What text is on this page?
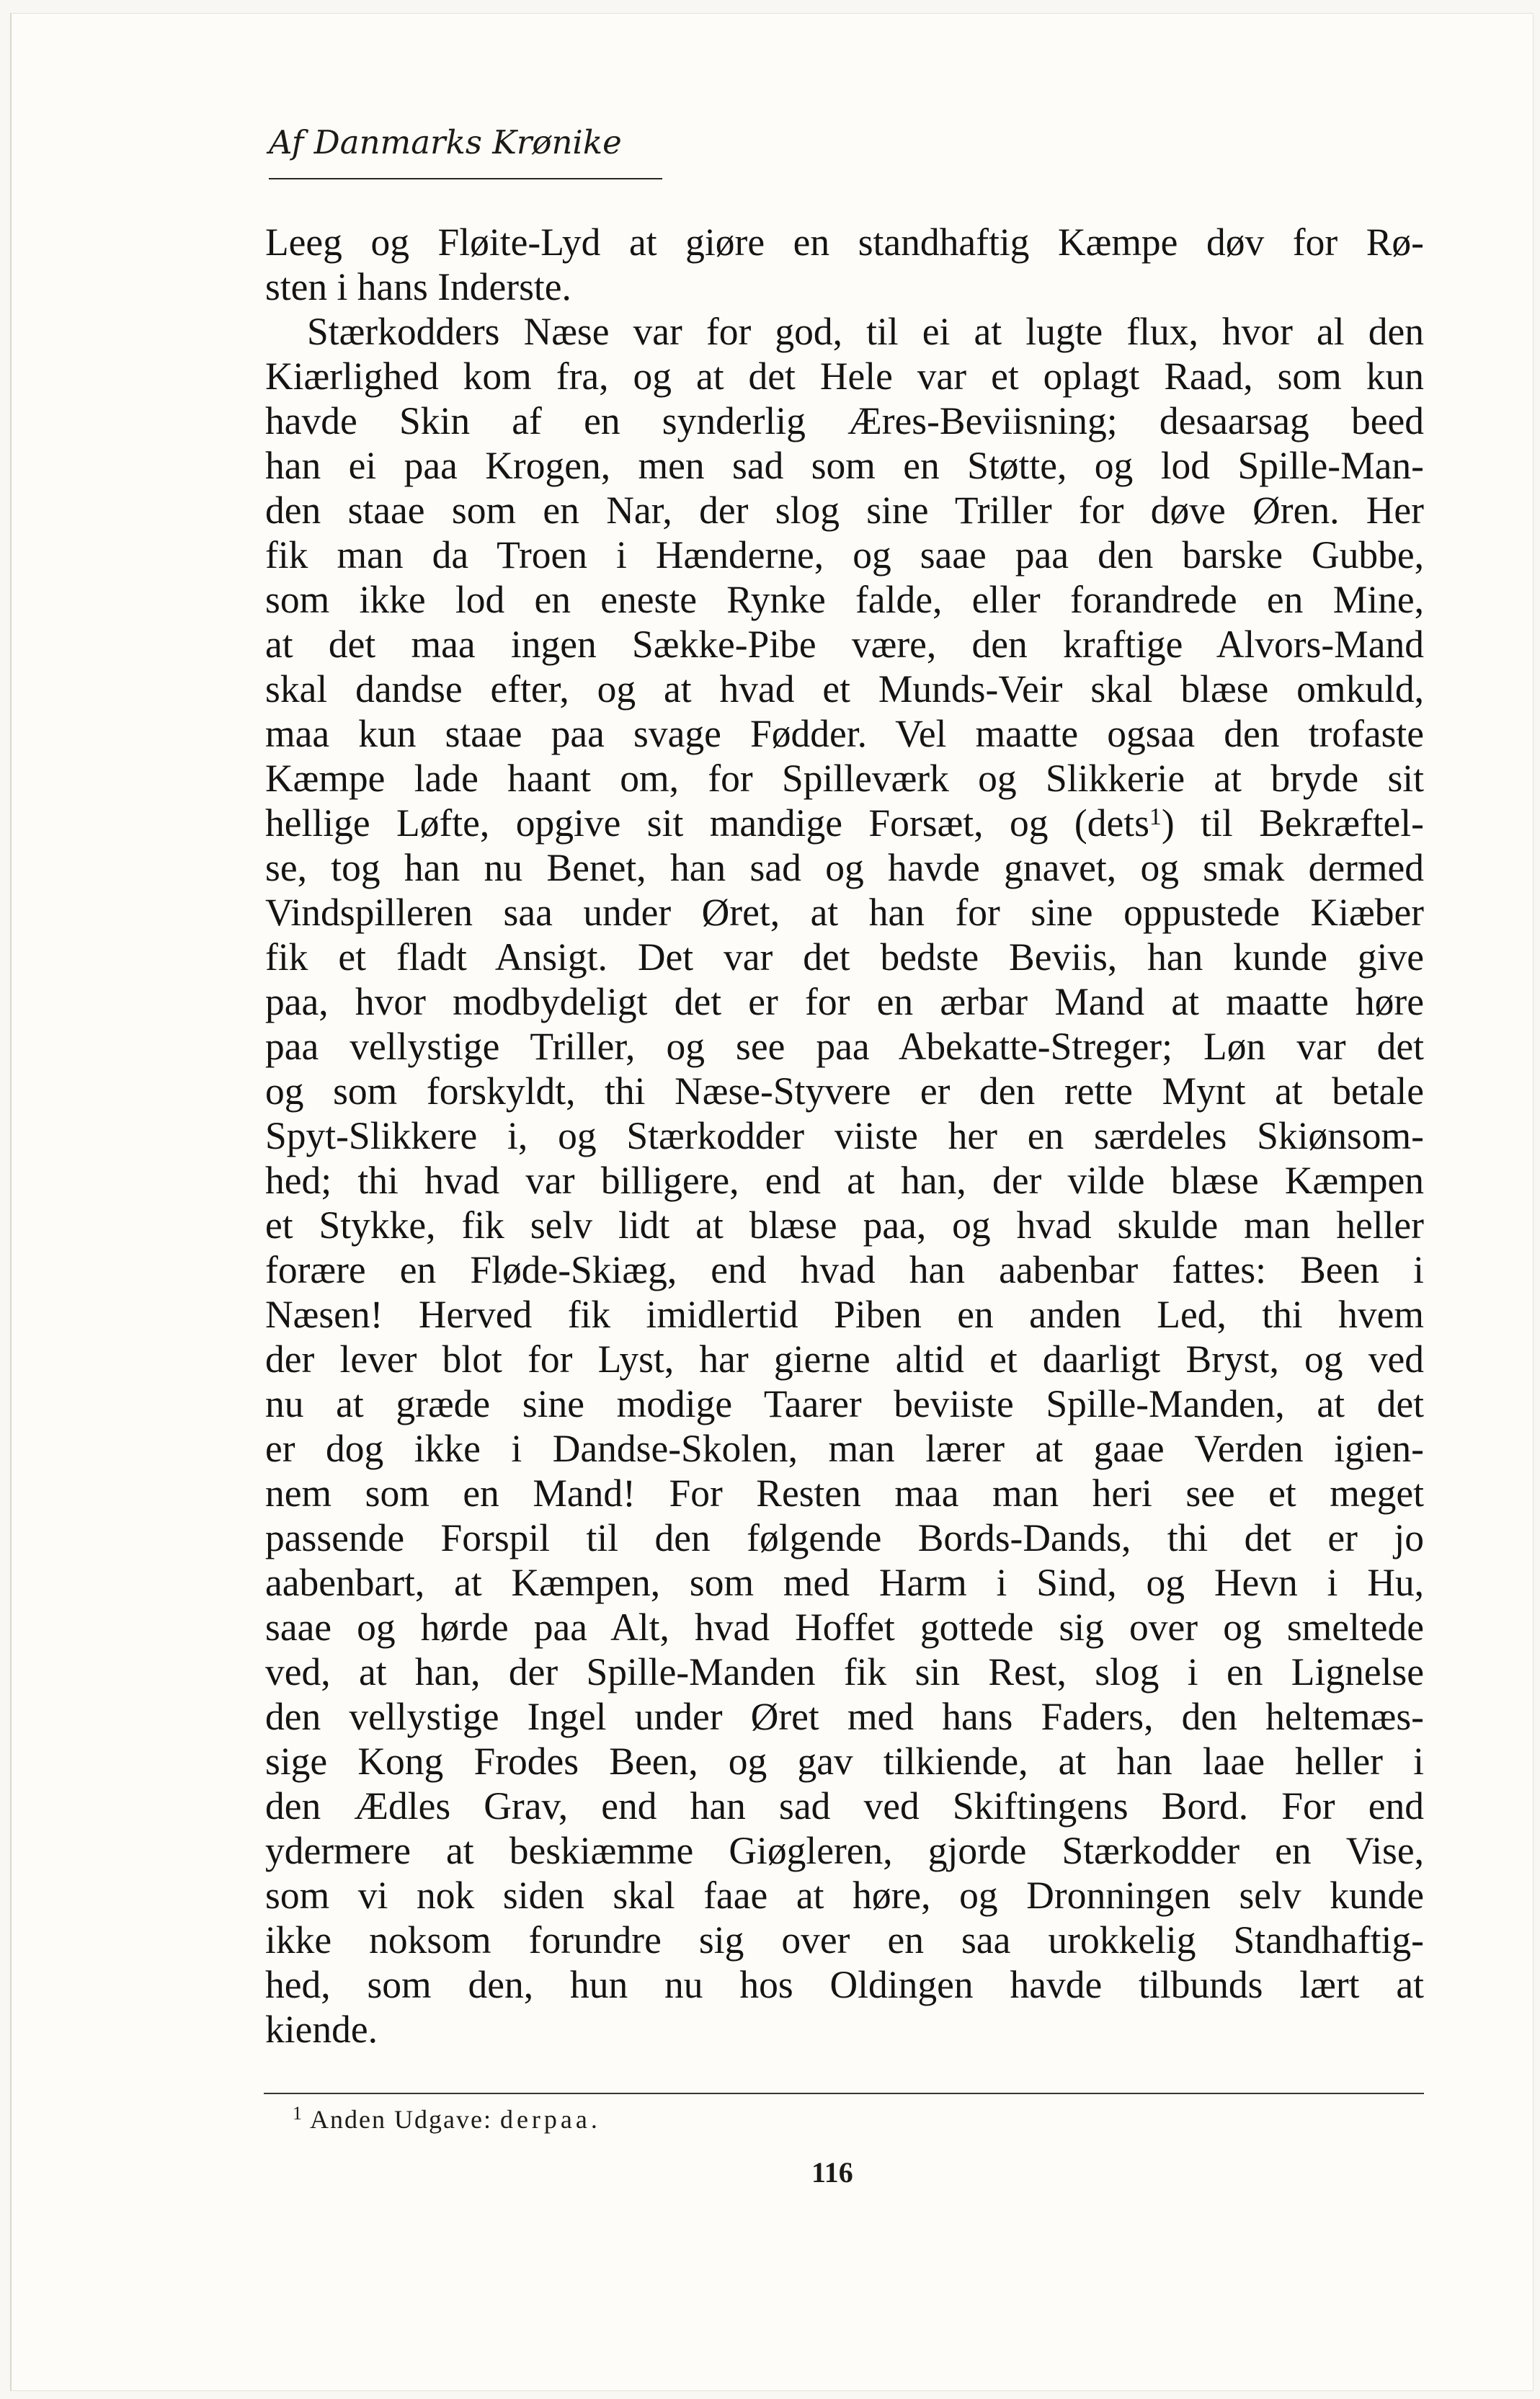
Af Danmarks Krønike
Leeg og Fløite-Lyd at giøre en standhaftig Kæmpe døv for Rø-
sten i hans Inderste.
Stærkodders Næse var for god, til ei at lugte flux, hvor al den
Kiærlighed kom fra, og at det Hele var et oplagt Raad, som kun
havde Skin af en synderlig Æres-Beviisning; desaarsag beed
han ei paa Krogen, men sad som en Støtte, og lod Spille-Man-
den staae som en Nar, der slog sine Triller for døve Øren. Her
fik man da Troen i Hænderne, og saae paa den barske Gubbe,
som ikke lod en eneste Rynke falde, eller forandrede en Mine,
at det maa ingen Sække-Pibe være, den kraftige Alvors-Mand
skal dandse efter, og at hvad et Munds-Veir skal blæse omkuld,
maa kun staae paa svage Fødder. Vel maatte ogsaa den trofaste
Kæmpe lade haant om, for Spilleværk og Slikkerie at bryde sit
hellige Løfte, opgive sit mandige Forsæt, og (dets$^1$) til Bekræftel-
se, tog han nu Benet, han sad og havde gnavet, og smak dermed
Vindspilleren saa under Øret, at han for sine oppustede Kiæber
fik et fladt Ansigt. Det var det bedste Beviis, han kunde give
paa, hvor modbydeligt det er for en ærbar Mand at maatte høre
paa vellystige Triller, og see paa Abekatte-Streger; Løn var det
og som forskyldt, thi Næse-Styvere er den rette Mynt at betale
Spyt-Slikkere i, og Stærkodder viiste her en særdeles Skiønsom-
hed; thi hvad var billigere, end at han, der vilde blæse Kæmpen
et Stykke, fik selv lidt at blæse paa, og hvad skulde man heller
forære en Fløde-Skiæg, end hvad han aabenbar fattes: Been i
Næsen! Herved fik imidlertid Piben en anden Led, thi hvem
der lever blot for Lyst, har gierne altid et daarligt Bryst, og ved
nu at græde sine modige Taarer beviiste Spille-Manden, at det
er dog ikke i Dandse-Skolen, man lærer at gaae Verden igien-
nem som en Mand! For Resten maa man heri see et meget
passende Forspil til den følgende Bords-Dands, thi det er jo
aabenbart, at Kæmpen, som med Harm i Sind, og Hevn i Hu,
saae og hørde paa Alt, hvad Hoffet gottede sig over og smeltede
ved, at han, der Spille-Manden fik sin Rest, slog i en Lignelse
den vellystige Ingel under Øret med hans Faders, den heltemæs-
sige Kong Frodes Been, og gav tilkiende, at han laae heller i
den Ædles Grav, end han sad ved Skiftingens Bord. For end
ydermere at beskiæmme Giøgleren, gjorde Stærkodder en Vise,
som vi nok siden skal faae at høre, og Dronningen selv kunde
ikke noksom forundre sig over en saa urokkelig Standhaftig-
hed, som den, hun nu hos Oldingen havde tilbunds lært at
kiende.
$^1$ Anden Udgave: derpaa.
116
